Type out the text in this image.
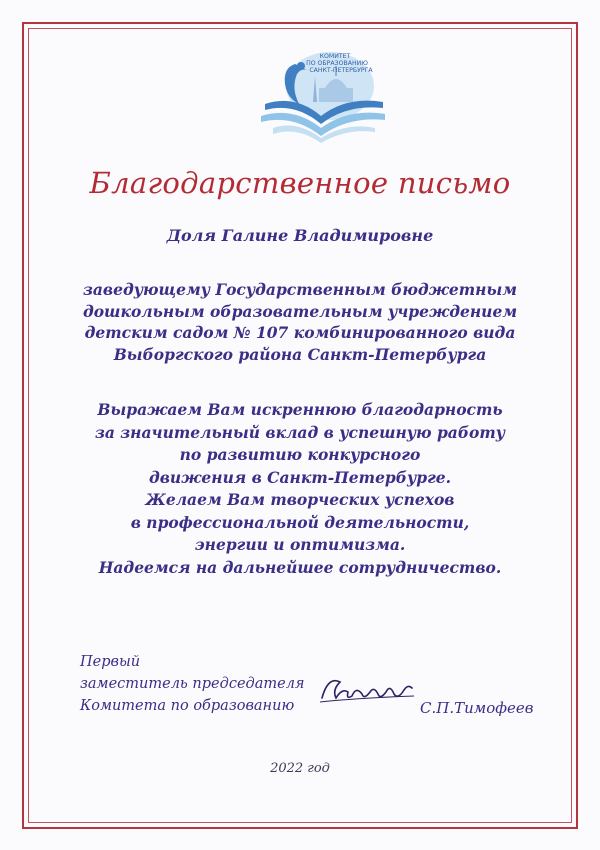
КОМИТЕТ
ПО ОБРАЗОВАНИЮ
САНКТ-ПЕТЕРБУРГА
Благодарственное письмо
Доля Галине Владимировне
заведующему Государственным бюджетным
дошкольным образовательным учреждением
детским садом № 107 комбинированного вида
Выборгского района Санкт-Петербурга
Выражаем Вам искреннюю благодарность
за значительный вклад в успешную работу
по развитию конкурсного
движения в Санкт-Петербурге.
Желаем Вам творческих успехов
в профессиональной деятельности,
энергии и оптимизма.
Надеемся на дальнейшее сотрудничество.
Первый
заместитель председателя
Комитета по образованию	С.П.Тимофеев
2022 год
